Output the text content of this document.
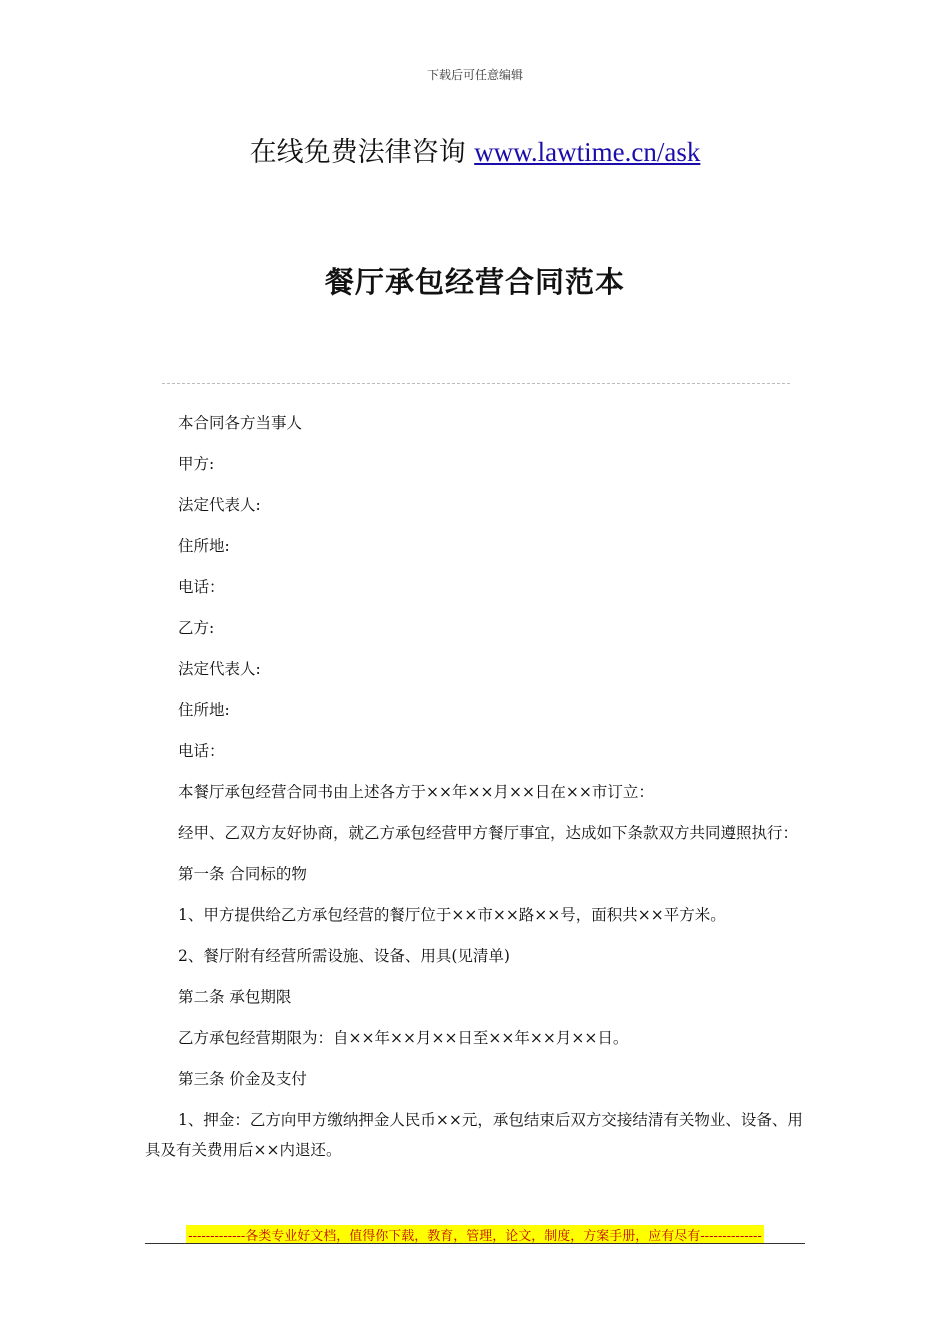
下载后可任意编辑
在线免费法律咨询 www.lawtime.cn/ask
餐厅承包经营合同范本

本合同各方当事人

甲方:

法定代表人:

住所地:

电话：

乙方:

法定代表人:

住所地:

电话：

本餐厅承包经营合同书由上述各方于××年××月××日在××市订立：

经甲、乙双方友好协商，就乙方承包经营甲方餐厅事宜，达成如下条款双方共同遵照执行：

第一条 合同标的物

1、甲方提供给乙方承包经营的餐厅位于××市××路××号，面积共××平方米。

2、餐厅附有经营所需设施、设备、用具(见清单)

第二条 承包期限

乙方承包经营期限为：自××年××月××日至××年××月××日。

第三条 价金及支付

1、押金：乙方向甲方缴纳押金人民币××元，承包结束后双方交接结清有关物业、设备、用具及有关费用后××内退还。

-------------各类专业好文档，值得你下载，教育，管理，论文，制度，方案手册，应有尽有--------------
